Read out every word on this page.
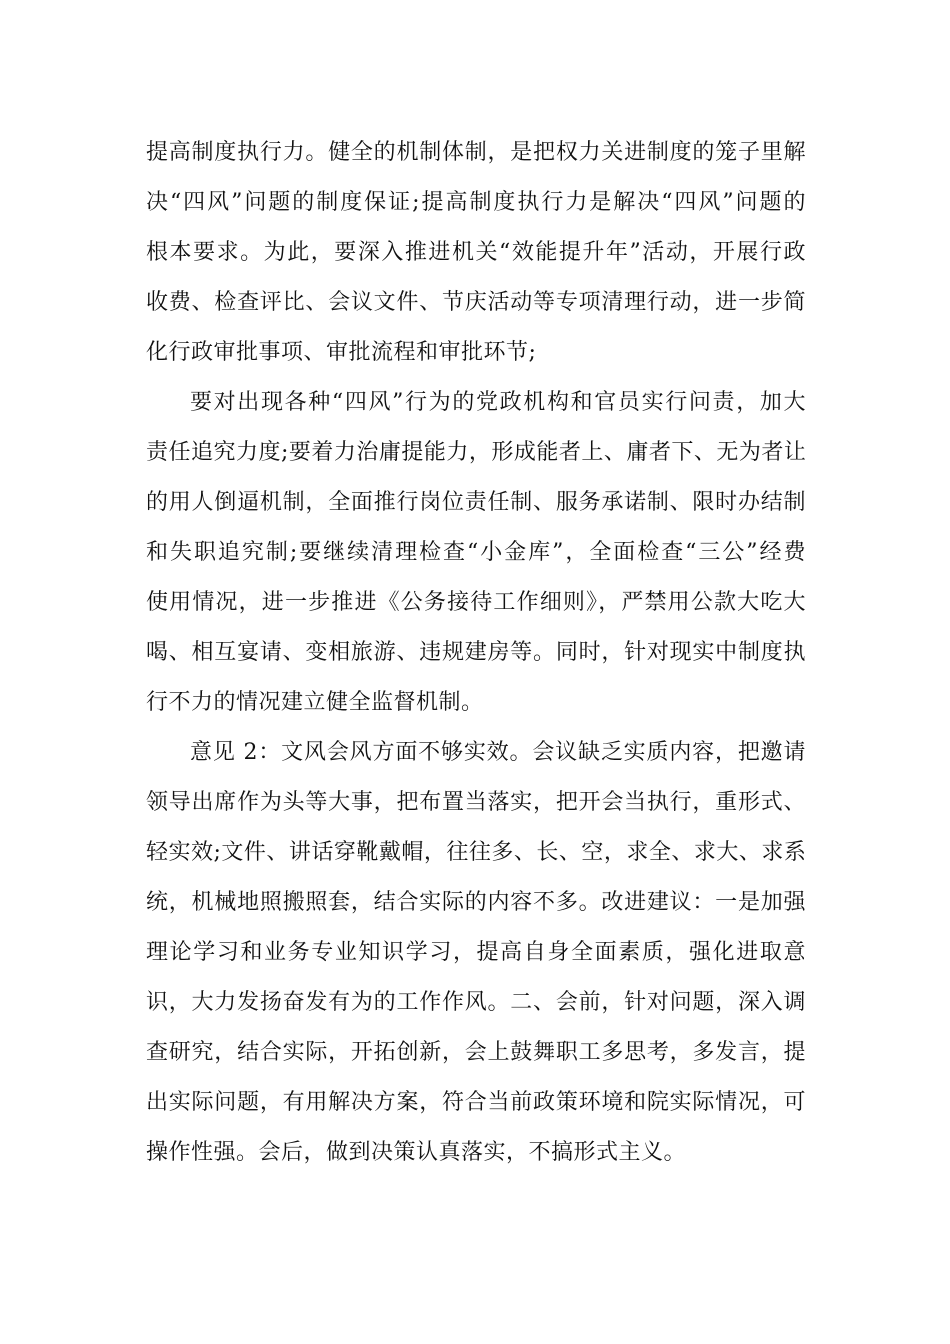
提高制度执行力。健全的机制体制，是把权力关进制度的笼子里解
决“四风”问题的制度保证;提高制度执行力是解决“四风”问题的
根本要求。为此，要深入推进机关“效能提升年”活动，开展行政
收费、检查评比、会议文件、节庆活动等专项清理行动，进一步简
化行政审批事项、审批流程和审批环节;
要对出现各种“四风”行为的党政机构和官员实行问责，加大
责任追究力度;要着力治庸提能力，形成能者上、庸者下、无为者让
的用人倒逼机制，全面推行岗位责任制、服务承诺制、限时办结制
和失职追究制;要继续清理检查“小金库”，全面检查“三公”经费
使用情况，进一步推进《公务接待工作细则》，严禁用公款大吃大
喝、相互宴请、变相旅游、违规建房等。同时，针对现实中制度执
行不力的情况建立健全监督机制。
意见 2：文风会风方面不够实效。会议缺乏实质内容，把邀请
领导出席作为头等大事，把布置当落实，把开会当执行，重形式、
轻实效;文件、讲话穿靴戴帽，往往多、长、空，求全、求大、求系
统，机械地照搬照套，结合实际的内容不多。改进建议：一是加强
理论学习和业务专业知识学习，提高自身全面素质，强化进取意
识，大力发扬奋发有为的工作作风。二、会前，针对问题，深入调
查研究，结合实际，开拓创新，会上鼓舞职工多思考，多发言，提
出实际问题，有用解决方案，符合当前政策环境和院实际情况，可
操作性强。会后，做到决策认真落实，不搞形式主义。
